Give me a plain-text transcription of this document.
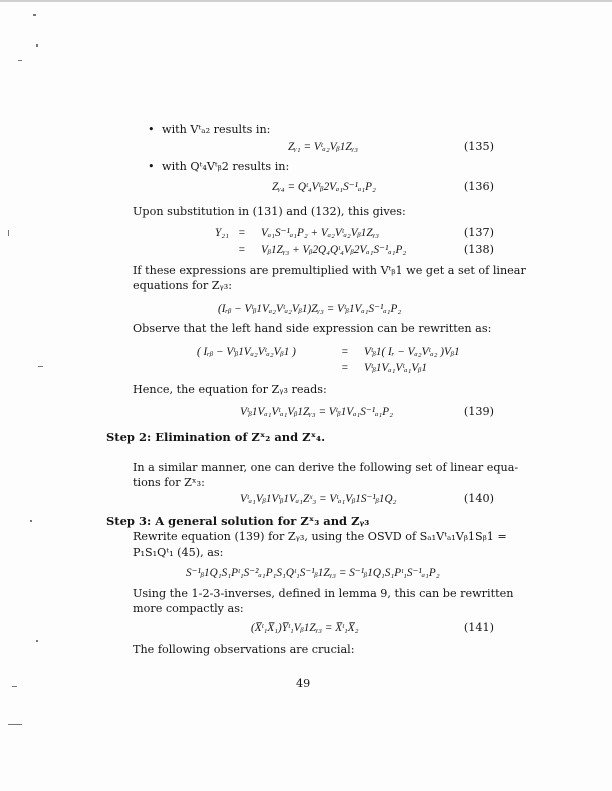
• with Vᵗₐ₂ results in:
Zᵧ₁ = Vᵗₐ₂Vᵦ1Zᵧ₃	(135)
• with Qᵗ₄Vᵗᵦ2 results in:
Zᵧ₄ = Qᵗ₄Vᵗᵦ2Vₐ₁S⁻¹ₐ₁P₂	(136)
Upon substitution in (131) and (132), this gives:
Y₂₁ = Vₐ₁S⁻¹ₐ₁P₂ + Vₐ₂Vᵗₐ₂Vᵦ1Zᵧ₃	(137)
= Vᵦ1Zᵧ₃ + Vᵦ2Q₄Qᵗ₄Vᵦ2Vₐ₁S⁻¹ₐ₁P₂	(138)
If these expressions are premultiplied with Vᵗᵦ1 we get a set of linear
equations for Zᵧ₃:
(Iᵣᵦ − Vᵗᵦ1Vₐ₂Vᵗₐ₂Vᵦ1)Zᵧ₃ = Vᵗᵦ1Vₐ₁S⁻¹ₐ₁P₂
Observe that the left hand side expression can be rewritten as:
( Iᵣᵦ − Vᵗᵦ1Vₐ₂Vᵗₐ₂Vᵦ1 )	= Vᵗᵦ1( Iᵣ − Vₐ₂Vᵗₐ₂ )Vᵦ1
= Vᵗᵦ1Vₐ₁Vᵗₐ₁Vᵦ1
Hence, the equation for Zᵧ₃ reads:
Vᵗᵦ1Vₐ₁Vᵗₐ₁Vᵦ1Zᵧ₃ = Vᵗᵦ1Vₐ₁S⁻¹ₐ₁P₂	(139)
Step 2: Elimination of Zˣ₂ and Zˣ₄.
In a similar manner, one can derive the following set of linear equa-
tions for Zˣ₃:
Vᵗₐ₁Vᵦ1Vᵗᵦ1Vₐ₁Zˣ₃ = Vᵗₐ₁Vᵦ1S⁻¹ᵦ1Q₂	(140)
Step 3: A general solution for Zˣ₃ and Zᵧ₃
Rewrite equation (139) for Zᵧ₃, using the OSVD of Sₐ₁Vᵗₐ₁Vᵦ1Sᵦ1 =
P₁S₁Qᵗ₁ (45), as:
S⁻¹ᵦ1Q₁S₁Pᵗ₁S⁻²ₐ₁P₁S₁Qᵗ₁S⁻¹ᵦ1Zᵧ₃ = S⁻¹ᵦ1Q₁S₁Pᵗ₁S⁻¹ₐ₁P₂
Using the 1-2-3-inverses, defined in lemma 9, this can be rewritten
more compactly as:
(X̅ᵗ₁X̅₁)Y̅ᵗ₁Vᵦ1Zᵧ₃ = X̅ᵗ₁X̅₂	(141)
The following observations are crucial:
49
